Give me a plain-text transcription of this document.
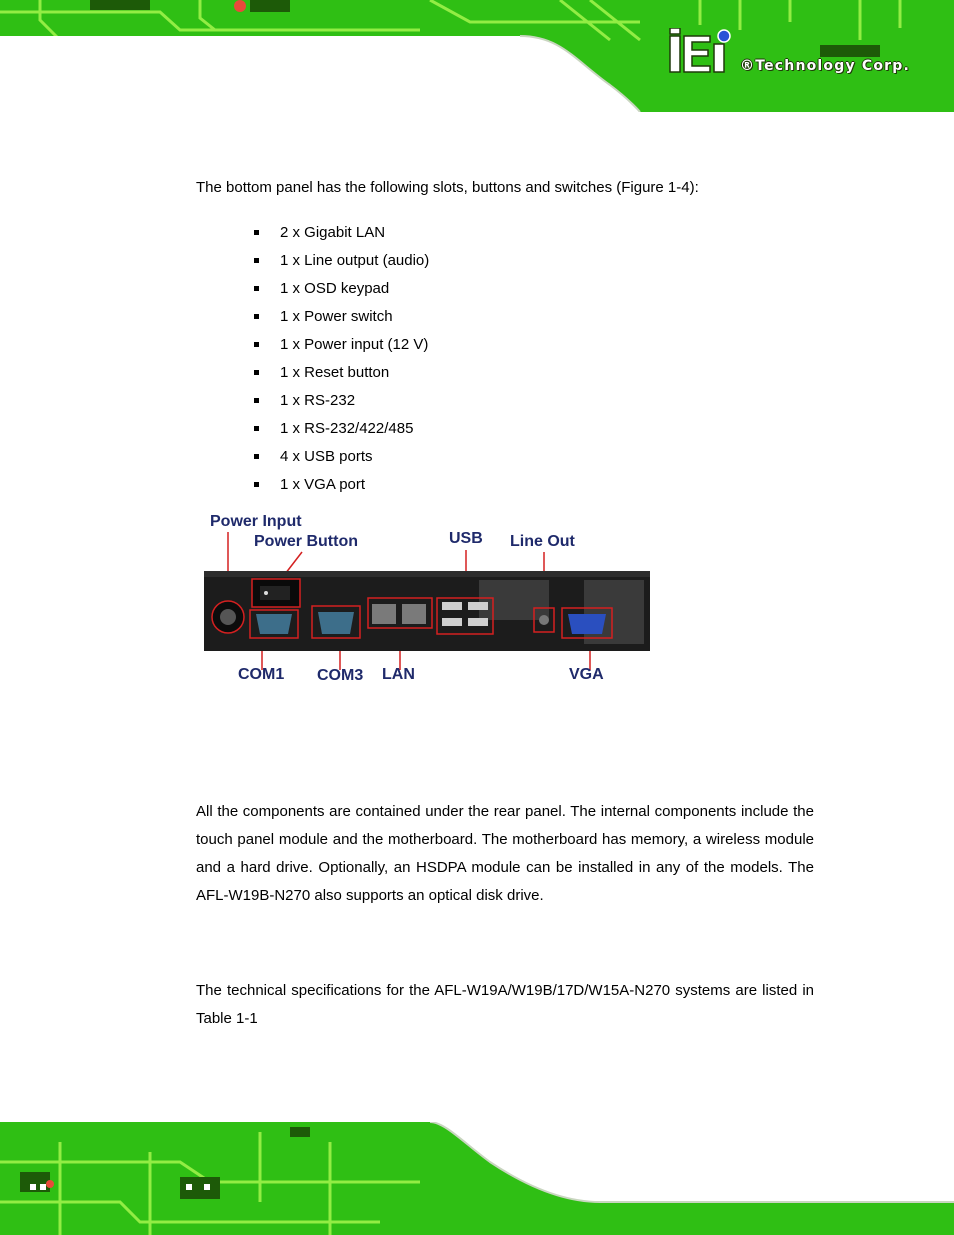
®Technology Corp.

The bottom panel has the following slots, buttons and switches (Figure 1-4):

2 x Gigabit LAN
1 x Line output (audio)
1 x OSD keypad
1 x Power switch
1 x Power input (12 V)
1 x Reset button
1 x RS-232
1 x RS-232/422/485
4 x USB ports
1 x VGA port
Power Input
Power Button	USB Line Out
COM1 COM3 LAN	VGA

All the components are contained under the rear panel. The internal components include the touch panel module and the motherboard. The motherboard has memory, a wireless module and a hard drive. Optionally, an HSDPA module can be installed in any of the models. The AFL-W19B-N270 also supports an optical disk drive.

The technical specifications for the AFL-W19A/W19B/17D/W15A-N270 systems are listed in Table 1-1
